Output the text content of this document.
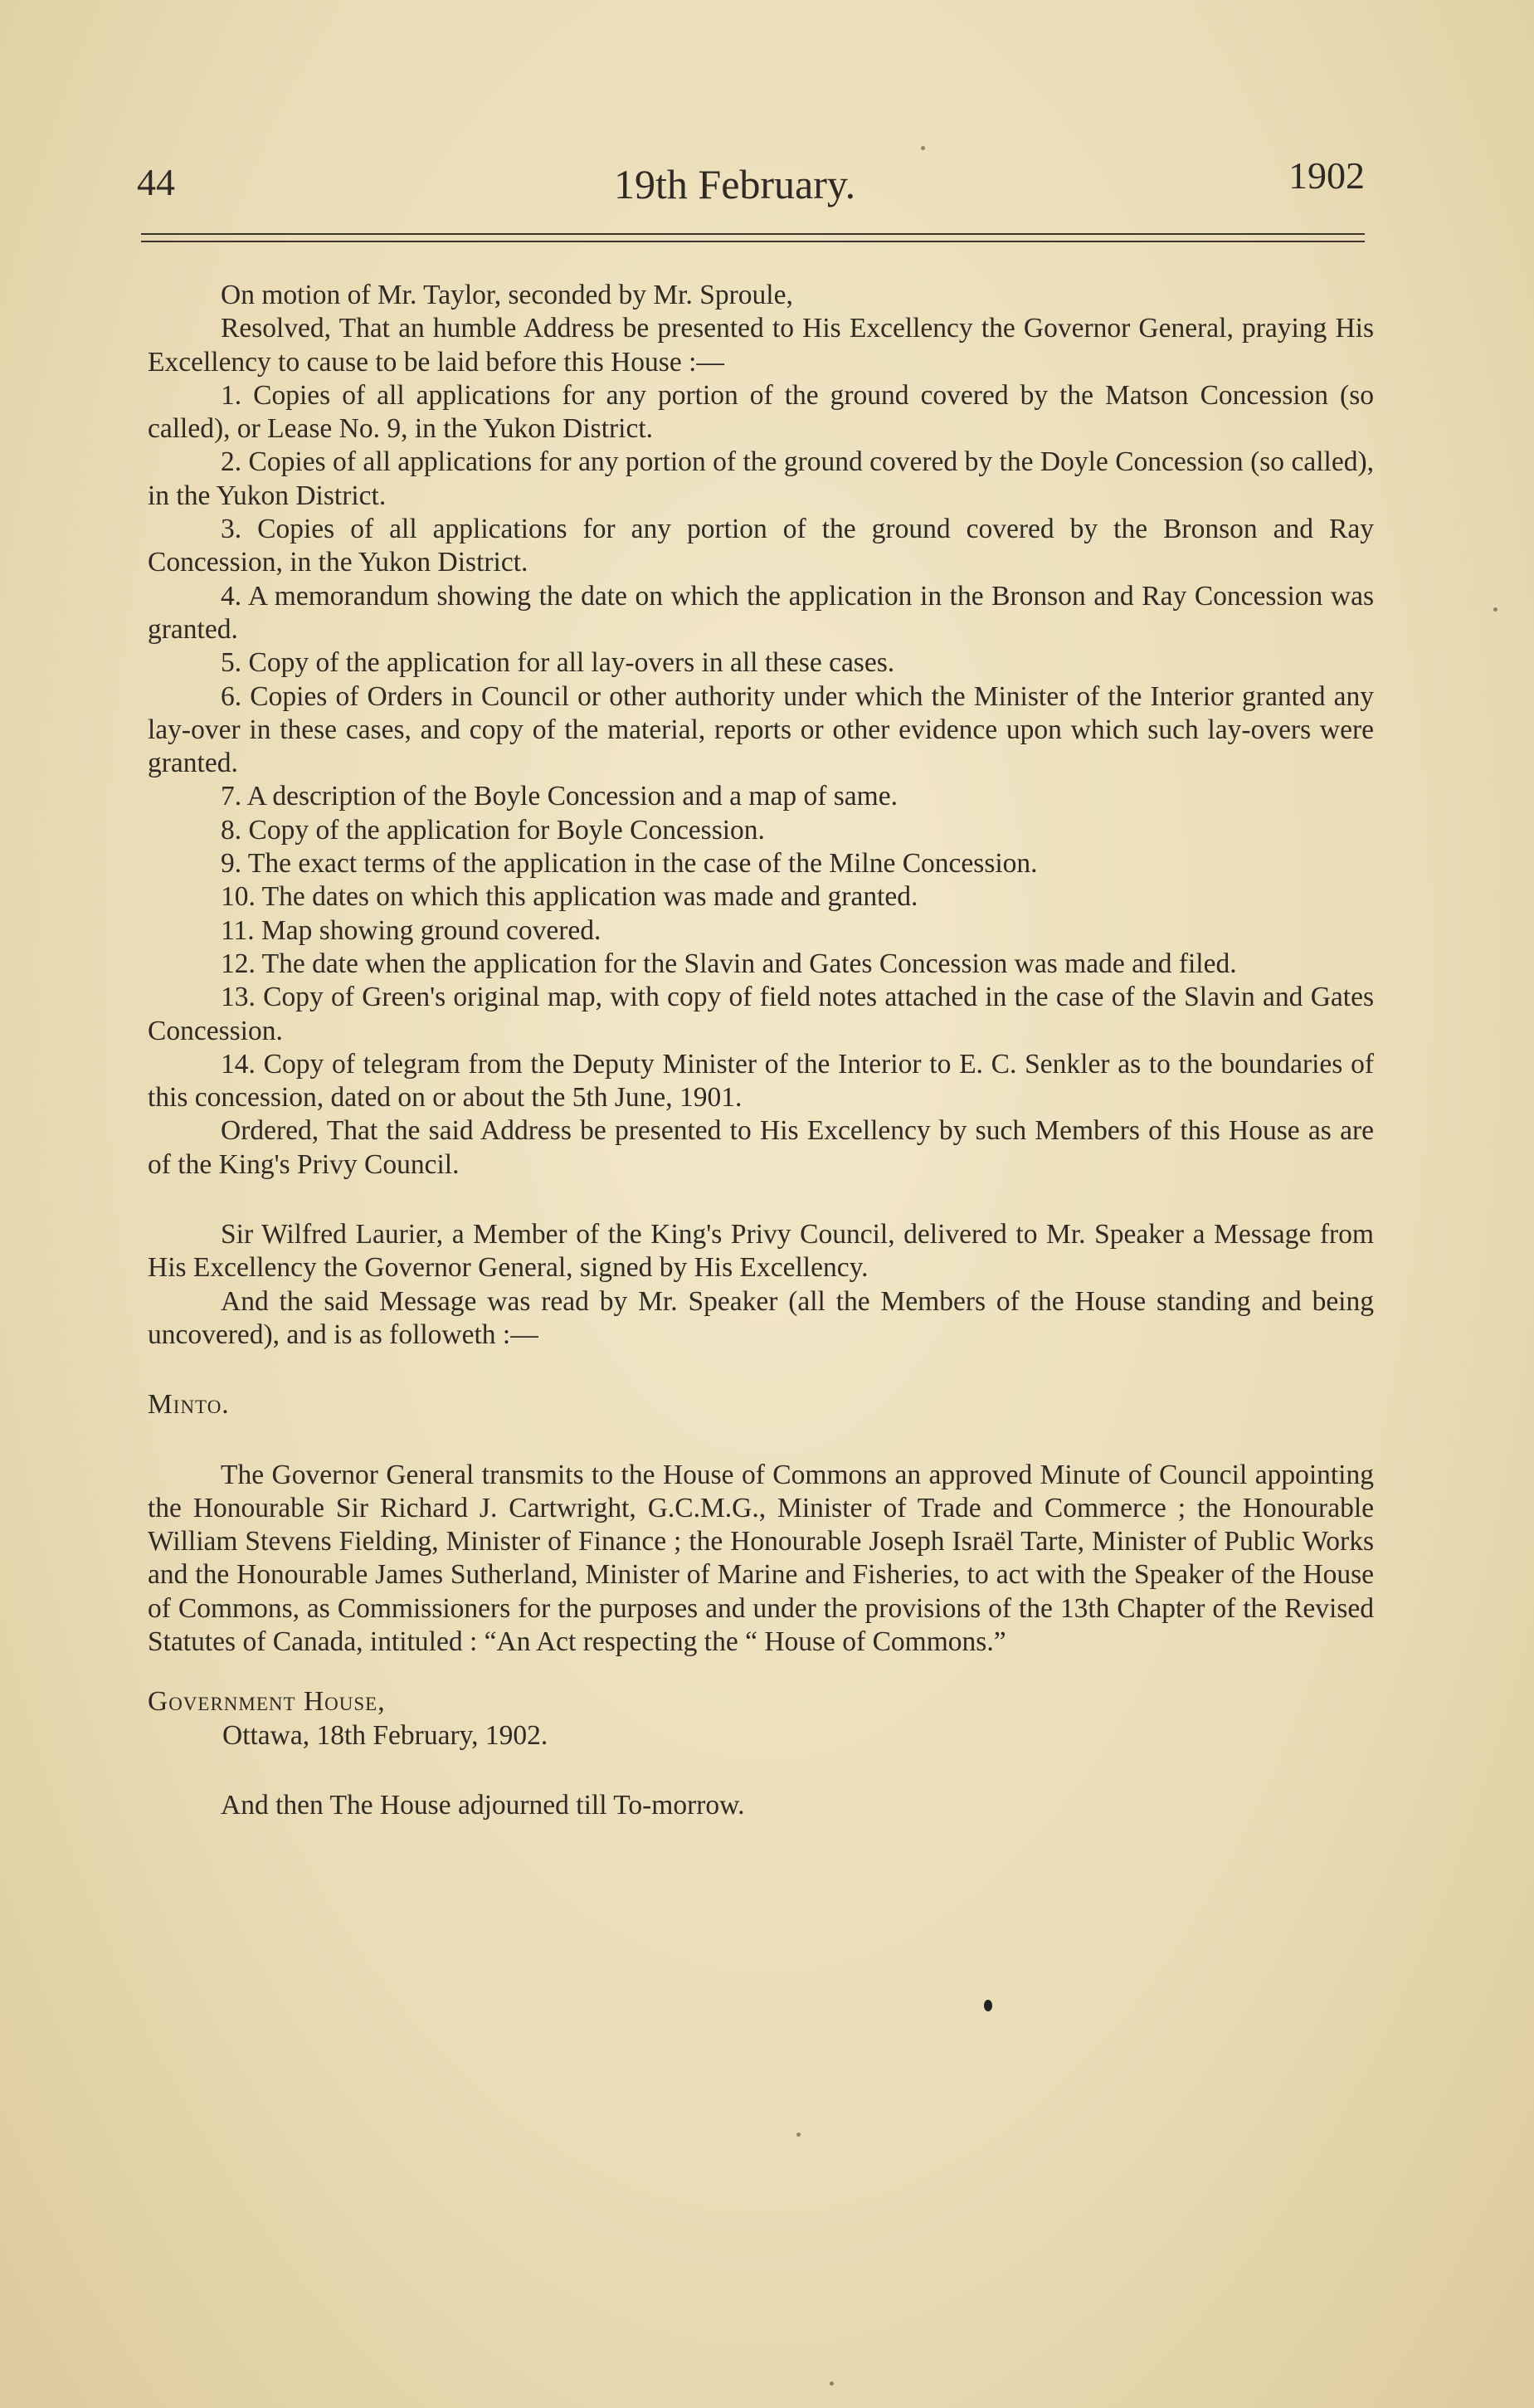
44	19th February.	1902

On motion of Mr. Taylor, seconded by Mr. Sproule,

Resolved, That an humble Address be presented to His Excellency the Governor General, praying His Excellency to cause to be laid before this House :—

1. Copies of all applications for any portion of the ground covered by the Matson Concession (so called), or Lease No. 9, in the Yukon District.

2. Copies of all applications for any portion of the ground covered by the Doyle Concession (so called), in the Yukon District.

3. Copies of all applications for any portion of the ground covered by the Bronson and Ray Concession, in the Yukon District.

4. A memorandum showing the date on which the application in the Bronson and Ray Concession was granted.

5. Copy of the application for all lay-overs in all these cases.

6. Copies of Orders in Council or other authority under which the Minister of the Interior granted any lay-over in these cases, and copy of the material, reports or other evidence upon which such lay-overs were granted.

7. A description of the Boyle Concession and a map of same.

8. Copy of the application for Boyle Concession.

9. The exact terms of the application in the case of the Milne Concession.

10. The dates on which this application was made and granted.

11. Map showing ground covered.

12. The date when the application for the Slavin and Gates Concession was made and filed.

13. Copy of Green's original map, with copy of field notes attached in the case of the Slavin and Gates Concession.

14. Copy of telegram from the Deputy Minister of the Interior to E. C. Senkler as to the boundaries of this concession, dated on or about the 5th June, 1901.

Ordered, That the said Address be presented to His Excellency by such Members of this House as are of the King's Privy Council.

Sir Wilfred Laurier, a Member of the King's Privy Council, delivered to Mr. Speaker a Message from His Excellency the Governor General, signed by His Excellency.

And the said Message was read by Mr. Speaker (all the Members of the House standing and being uncovered), and is as followeth :—

Minto.

The Governor General transmits to the House of Commons an approved Minute of Council appointing the Honourable Sir Richard J. Cartwright, G.C.M.G., Minister of Trade and Commerce ; the Honourable William Stevens Fielding, Minister of Finance ; the Honourable Joseph Israël Tarte, Minister of Public Works and the Honourable James Sutherland, Minister of Marine and Fisheries, to act with the Speaker of the House of Commons, as Commissioners for the purposes and under the provisions of the 13th Chapter of the Revised Statutes of Canada, intituled : “An Act respecting the “ House of Commons.”

Government House,

Ottawa, 18th February, 1902.

And then The House adjourned till To-morrow.
